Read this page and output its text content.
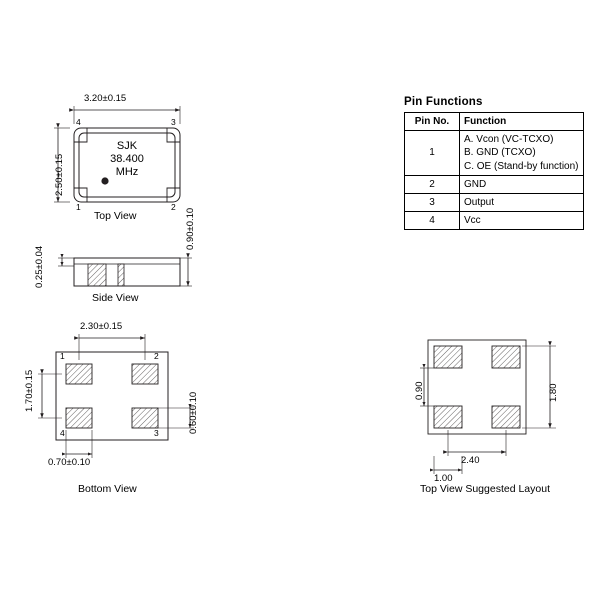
3.20±0.15
2.50±0.15
4	3
1	2
SJK
38.400
MHz
Top View	0.90±0.10
0.25±0.04
Side View
2.30±0.15
1.70±0.15
0.60±0.10
0.70±0.10
1	2
4	3
Bottom View
1.80
0.90
2.40
1.00
Top View Suggested Layout
Pin Functions
Pin No.	Function
1	A. Vcon (VC-TCXO)
B. GND (TCXO)
C. OE (Stand-by function)

2	GND
3	Output
4	Vcc
